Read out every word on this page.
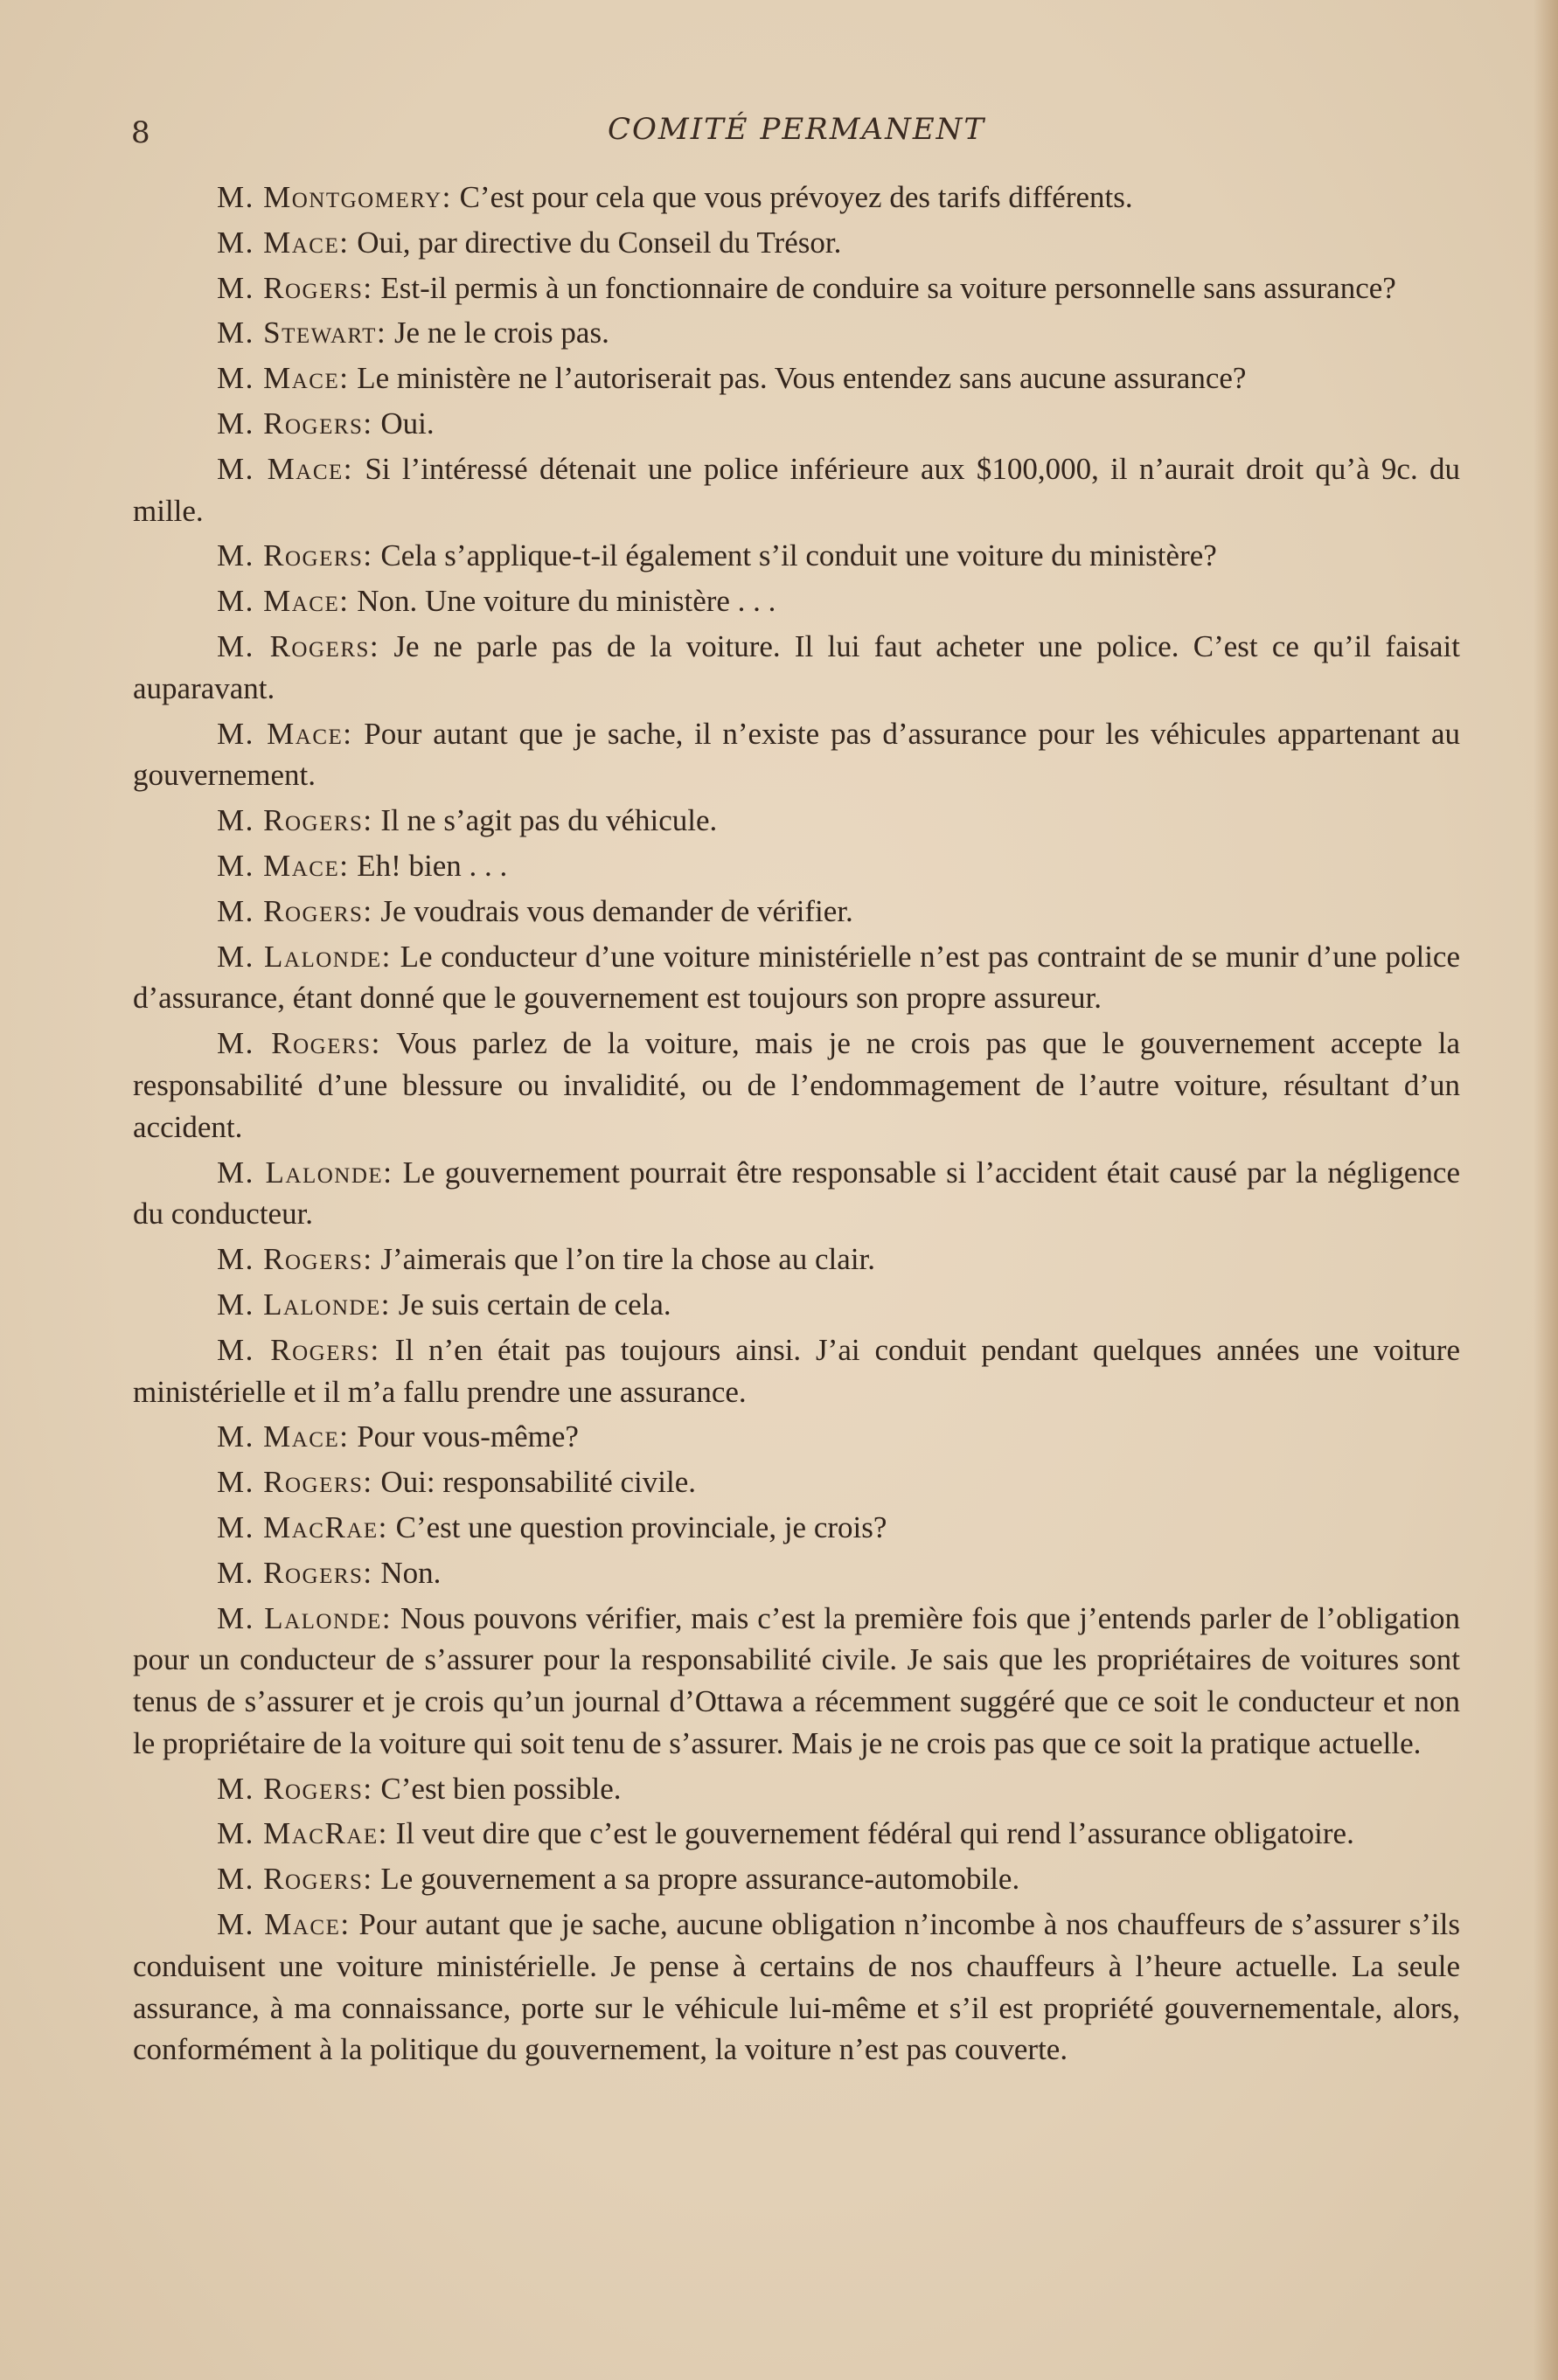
8	COMITÉ PERMANENT

M. Montgomery: C’est pour cela que vous prévoyez des tarifs différents.

M. Mace: Oui, par directive du Conseil du Trésor.

M. Rogers: Est-il permis à un fonctionnaire de conduire sa voiture personnelle sans assurance?

M. Stewart: Je ne le crois pas.

M. Mace: Le ministère ne l’autoriserait pas. Vous entendez sans aucune assurance?

M. Rogers: Oui.

M. Mace: Si l’intéressé détenait une police inférieure aux $100,000, il n’aurait droit qu’à 9c. du mille.

M. Rogers: Cela s’applique-t-il également s’il conduit une voiture du ministère?

M. Mace: Non. Une voiture du ministère . . .

M. Rogers: Je ne parle pas de la voiture. Il lui faut acheter une police. C’est ce qu’il faisait auparavant.

M. Mace: Pour autant que je sache, il n’existe pas d’assurance pour les véhicules appartenant au gouvernement.

M. Rogers: Il ne s’agit pas du véhicule.

M. Mace: Eh! bien . . .

M. Rogers: Je voudrais vous demander de vérifier.

M. Lalonde: Le conducteur d’une voiture ministérielle n’est pas contraint de se munir d’une police d’assurance, étant donné que le gouvernement est toujours son propre assureur.

M. Rogers: Vous parlez de la voiture, mais je ne crois pas que le gouvernement accepte la responsabilité d’une blessure ou invalidité, ou de l’endommagement de l’autre voiture, résultant d’un accident.

M. Lalonde: Le gouvernement pourrait être responsable si l’accident était causé par la négligence du conducteur.

M. Rogers: J’aimerais que l’on tire la chose au clair.

M. Lalonde: Je suis certain de cela.

M. Rogers: Il n’en était pas toujours ainsi. J’ai conduit pendant quelques années une voiture ministérielle et il m’a fallu prendre une assurance.

M. Mace: Pour vous-même?

M. Rogers: Oui: responsabilité civile.

M. MacRae: C’est une question provinciale, je crois?

M. Rogers: Non.

M. Lalonde: Nous pouvons vérifier, mais c’est la première fois que j’entends parler de l’obligation pour un conducteur de s’assurer pour la responsabilité civile. Je sais que les propriétaires de voitures sont tenus de s’assurer et je crois qu’un journal d’Ottawa a récemment suggéré que ce soit le conducteur et non le propriétaire de la voiture qui soit tenu de s’assurer. Mais je ne crois pas que ce soit la pratique actuelle.

M. Rogers: C’est bien possible.

M. MacRae: Il veut dire que c’est le gouvernement fédéral qui rend l’assurance obligatoire.

M. Rogers: Le gouvernement a sa propre assurance-automobile.

M. Mace: Pour autant que je sache, aucune obligation n’incombe à nos chauffeurs de s’assurer s’ils conduisent une voiture ministérielle. Je pense à certains de nos chauffeurs à l’heure actuelle. La seule assurance, à ma connaissance, porte sur le véhicule lui-même et s’il est propriété gouvernementale, alors, conformément à la politique du gouvernement, la voiture n’est pas couverte.
